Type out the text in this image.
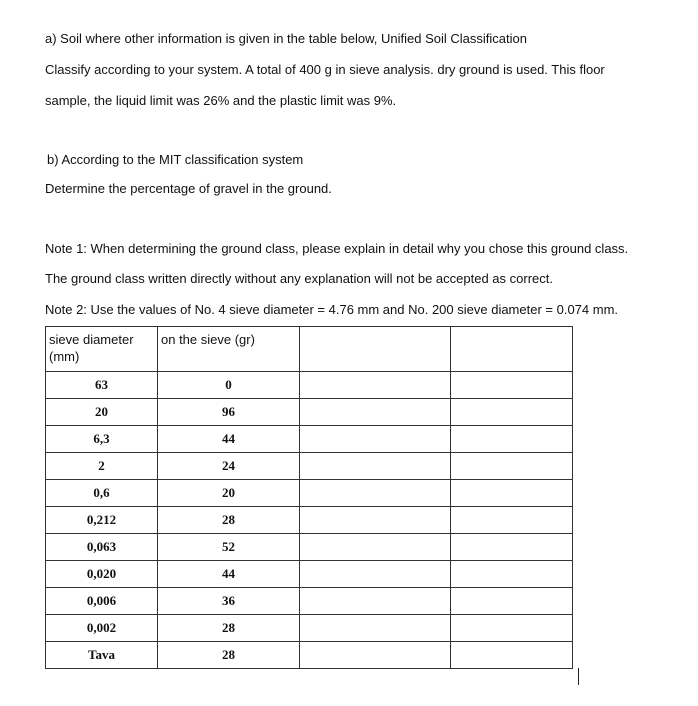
a) Soil where other information is given in the table below, Unified Soil Classification
Classify according to your system. A total of 400 g in sieve analysis. dry ground is used. This floor
sample, the liquid limit was 26% and the plastic limit was 9%.
b) According to the MIT classification system
Determine the percentage of gravel in the ground.
Note 1: When determining the ground class, please explain in detail why you chose this ground class.
The ground class written directly without any explanation will not be accepted as correct.
Note 2: Use the values of No. 4 sieve diameter = 4.76 mm and No. 200 sieve diameter = 0.074 mm.
sieve diameter (mm)	on the sieve (gr)		
63	0		
20	96		
6,3	44		
2	24		
0,6	20		
0,212	28		
0,063	52		
0,020	44		
0,006	36		
0,002	28		
Tava	28		
